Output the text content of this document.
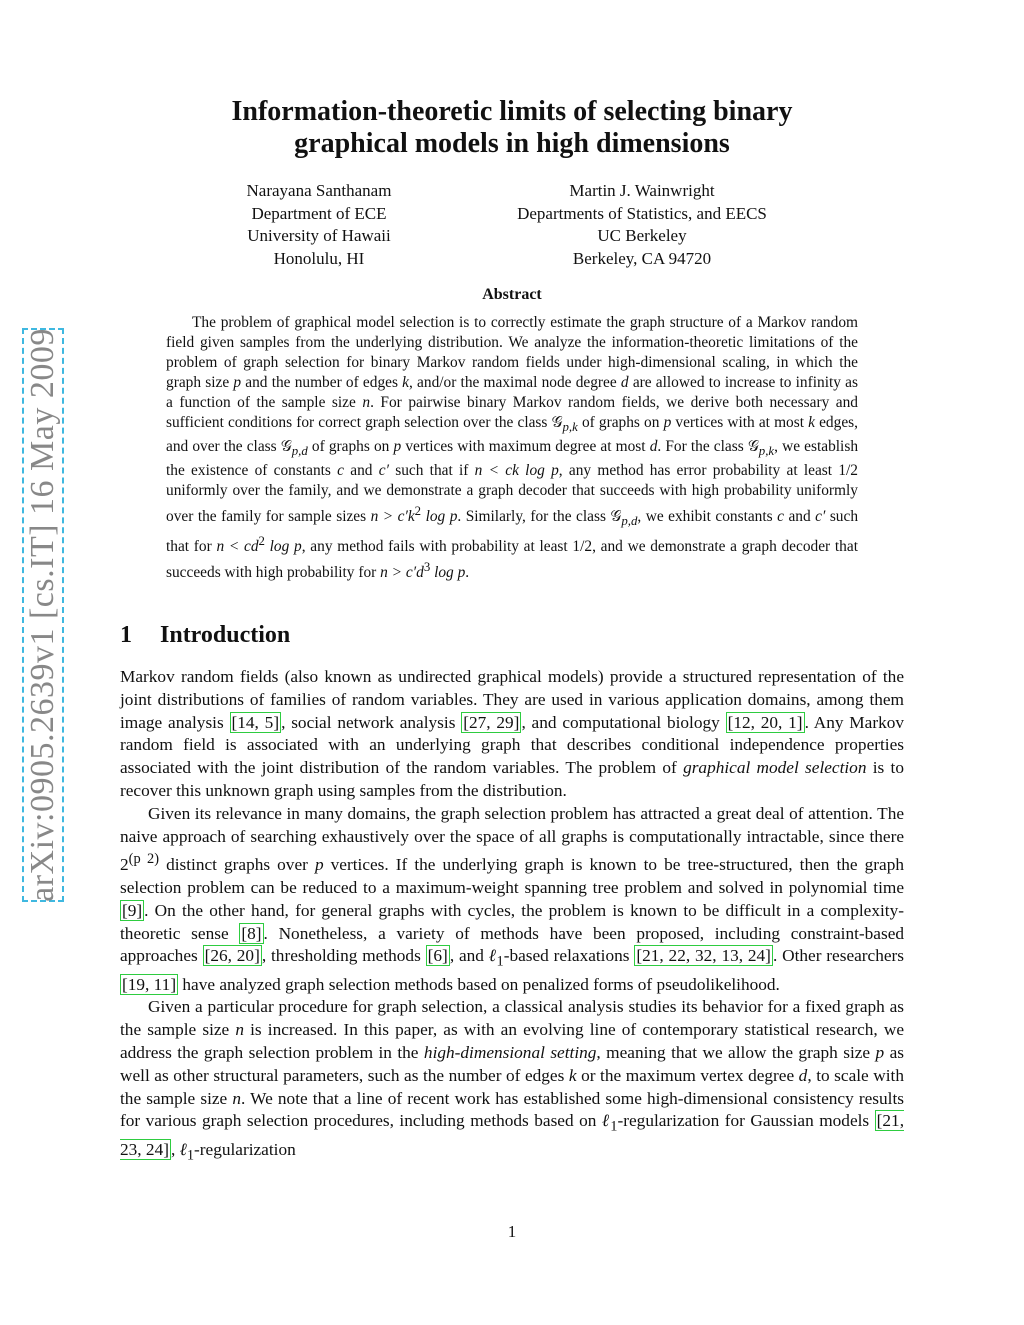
arXiv:0905.2639v1 [cs.IT] 16 May 2009
Information-theoretic limits of selecting binary
graphical models in high dimensions
Narayana Santhanam
Department of ECE
University of Hawaii
Honolulu, HI
Martin J. Wainwright
Departments of Statistics, and EECS
UC Berkeley
Berkeley, CA 94720
Abstract

The problem of graphical model selection is to correctly estimate the graph structure of a Markov random field given samples from the underlying distribution. We analyze the information-theoretic limitations of the problem of graph selection for binary Markov random fields under high-dimensional scaling, in which the graph size p and the number of edges k, and/or the maximal node degree d are allowed to increase to infinity as a function of the sample size n. For pairwise binary Markov random fields, we derive both necessary and sufficient conditions for correct graph selection over the class 𝒢$_{p,k}$ of graphs on p vertices with at most k edges, and over the class 𝒢$_{p,d}$ of graphs on p vertices with maximum degree at most d. For the class 𝒢$_{p,k}$, we establish the existence of constants c and c′ such that if n < ck log p, any method has error probability at least 1/2 uniformly over the family, and we demonstrate a graph decoder that succeeds with high probability uniformly over the family for sample sizes $n > c'k^2$ log p. Similarly, for the class 𝒢$_{p,d}$, we exhibit constants c and c′ such that for $n < cd^2$ log p, any method fails with probability at least 1/2, and we demonstrate a graph decoder that succeeds with high probability for $n > c'd^3$ log p.

1 Introduction

Markov random fields (also known as undirected graphical models) provide a structured representation of the joint distributions of families of random variables. They are used in various application domains, among them image analysis [14, 5] , social network analysis [27, 29] , and computational biology [12, 20, 1] . Any Markov random field is associated with an underlying graph that describes conditional independence properties associated with the joint distribution of the random variables. The problem of graphical model selection is to recover this unknown graph using samples from the distribution.

Given its relevance in many domains, the graph selection problem has attracted a great deal of attention. The naive approach of searching exhaustively over the space of all graphs is computationally intractable, since there $2^{(p 2)}$ distinct graphs over p vertices. If the underlying graph is known to be tree-structured, then the graph selection problem can be reduced to a maximum-weight spanning tree problem and solved in polynomial time [9] . On the other hand, for general graphs with cycles, the problem is known to be difficult in a complexity-theoretic sense [8] . Nonetheless, a variety of methods have been proposed, including constraint-based approaches [26, 20] , thresholding methods [6] , and ℓ$_1$-based relaxations [21, 22, 32, 13, 24] . Other researchers [19, 11] have analyzed graph selection methods based on penalized forms of pseudolikelihood.

Given a particular procedure for graph selection, a classical analysis studies its behavior for a fixed graph as the sample size n is increased. In this paper, as with an evolving line of contemporary statistical research, we address the graph selection problem in the high-dimensional setting, meaning that we allow the graph size p as well as other structural parameters, such as the number of edges k or the maximum vertex degree d, to scale with the sample size n. We note that a line of recent work has established some high-dimensional consistency results for various graph selection procedures, including methods based on ℓ$_1$-regularization for Gaussian models [21, 23, 24] , ℓ$_1$-regularization

1
